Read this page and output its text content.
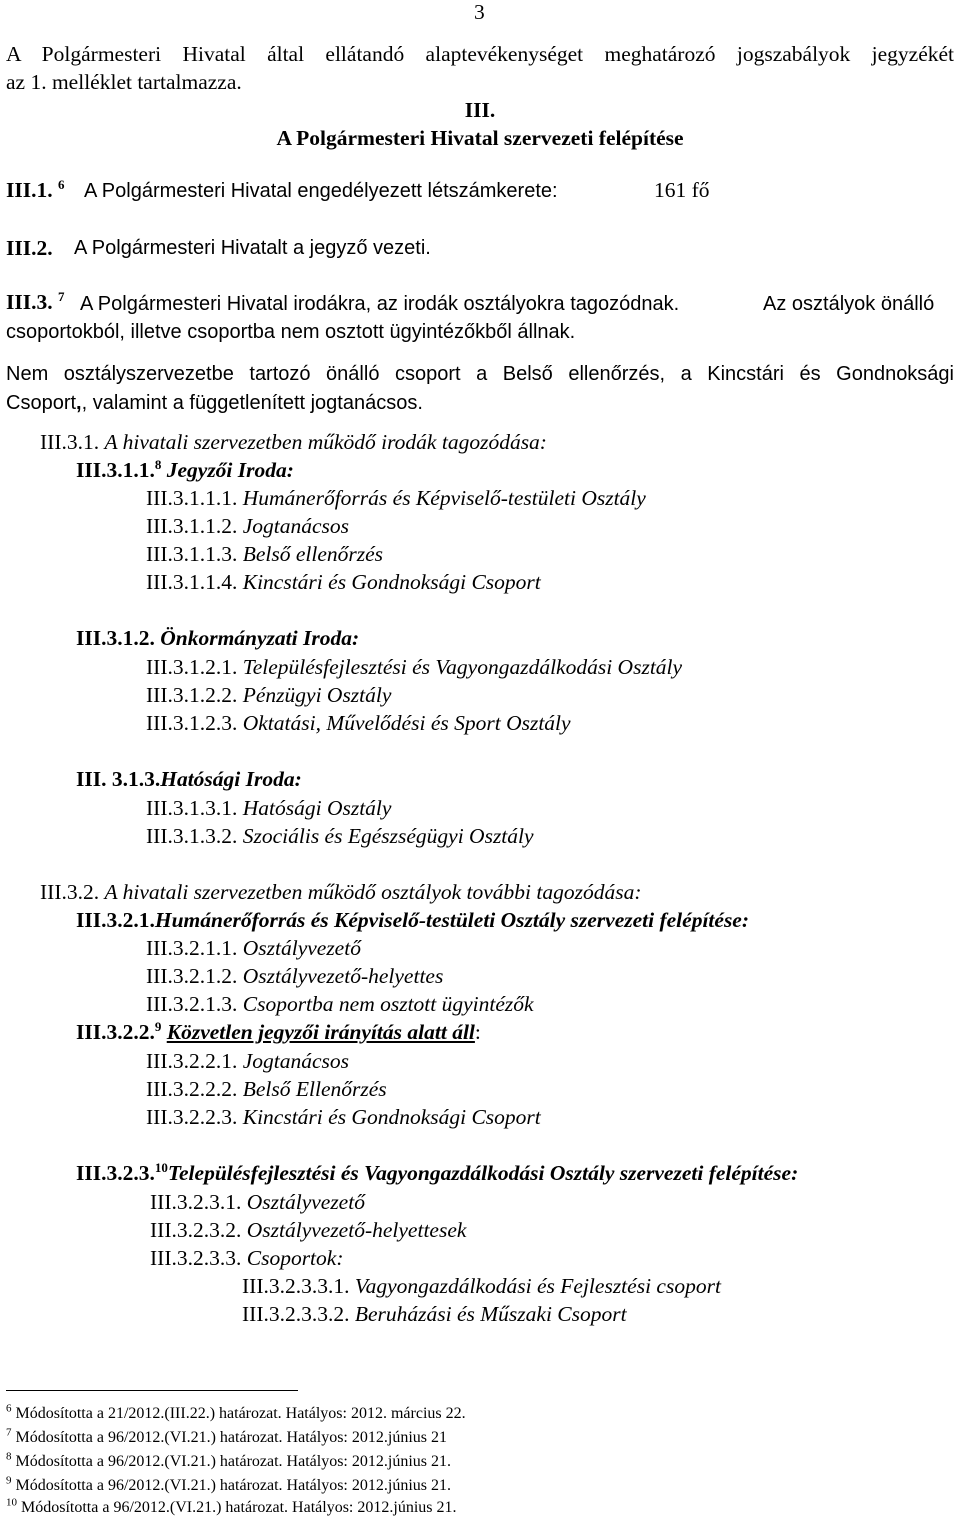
3
A Polgármesteri Hivatal által ellátandó alaptevékenységet meghatározó jogszabályok jegyzékét
az 1. melléklet tartalmazza.
III.
A Polgármesteri Hivatal szervezeti felépítése
III.1. $^6$ A Polgármesteri Hivatal engedélyezett létszámkerete:	161 fő
III.2. A Polgármesteri Hivatalt a jegyző vezeti.
III.3. $^7$ A Polgármesteri Hivatal irodákra, az irodák osztályokra tagozódnak.	Az osztályok önálló
csoportokból, illetve csoportba nem osztott ügyintézőkből állnak.
Nem osztályszervezetbe tartozó önálló csoport a Belső ellenőrzés, a Kincstári és Gondnoksági
Csoport,, valamint a függetlenített jogtanácsos.
III.3.1. A hivatali szervezetben működő irodák tagozódása:
III.3.1.1.$^8$ Jegyzői Iroda:
III.3.1.1.1. Humánerőforrás és Képviselő-testületi Osztály
III.3.1.1.2. Jogtanácsos
III.3.1.1.3. Belső ellenőrzés
III.3.1.1.4. Kincstári és Gondnoksági Csoport
III.3.1.2. Önkormányzati Iroda:
III.3.1.2.1. Településfejlesztési és Vagyongazdálkodási Osztály
III.3.1.2.2. Pénzügyi Osztály
III.3.1.2.3. Oktatási, Művelődési és Sport Osztály
III. 3.1.3.Hatósági Iroda:
III.3.1.3.1. Hatósági Osztály
III.3.1.3.2. Szociális és Egészségügyi Osztály
III.3.2. A hivatali szervezetben működő osztályok további tagozódása:
III.3.2.1.Humánerőforrás és Képviselő-testületi Osztály szervezeti felépítése:
III.3.2.1.1. Osztályvezető
III.3.2.1.2. Osztályvezető-helyettes
III.3.2.1.3. Csoportba nem osztott ügyintézők
III.3.2.2.$^9$ Közvetlen jegyzői irányítás alatt áll:
III.3.2.2.1. Jogtanácsos
III.3.2.2.2. Belső Ellenőrzés
III.3.2.2.3. Kincstári és Gondnoksági Csoport
III.3.2.3.10Településfejlesztési és Vagyongazdálkodási Osztály szervezeti felépítése:
III.3.2.3.1. Osztályvezető
III.3.2.3.2. Osztályvezető-helyettesek
III.3.2.3.3. Csoportok:
III.3.2.3.3.1. Vagyongazdálkodási és Fejlesztési csoport
III.3.2.3.3.2. Beruházási és Műszaki Csoport
$^6$ Módosította a 21/2012.(III.22.) határozat. Hatályos: 2012. március 22.
$^7$ Módosította a 96/2012.(VI.21.) határozat. Hatályos: 2012.június 21
$^8$ Módosította a 96/2012.(VI.21.) határozat. Hatályos: 2012.június 21.
$^9$ Módosította a 96/2012.(VI.21.) határozat. Hatályos: 2012.június 21.
$^{10}$ Módosította a 96/2012.(VI.21.) határozat. Hatályos: 2012.június 21.
